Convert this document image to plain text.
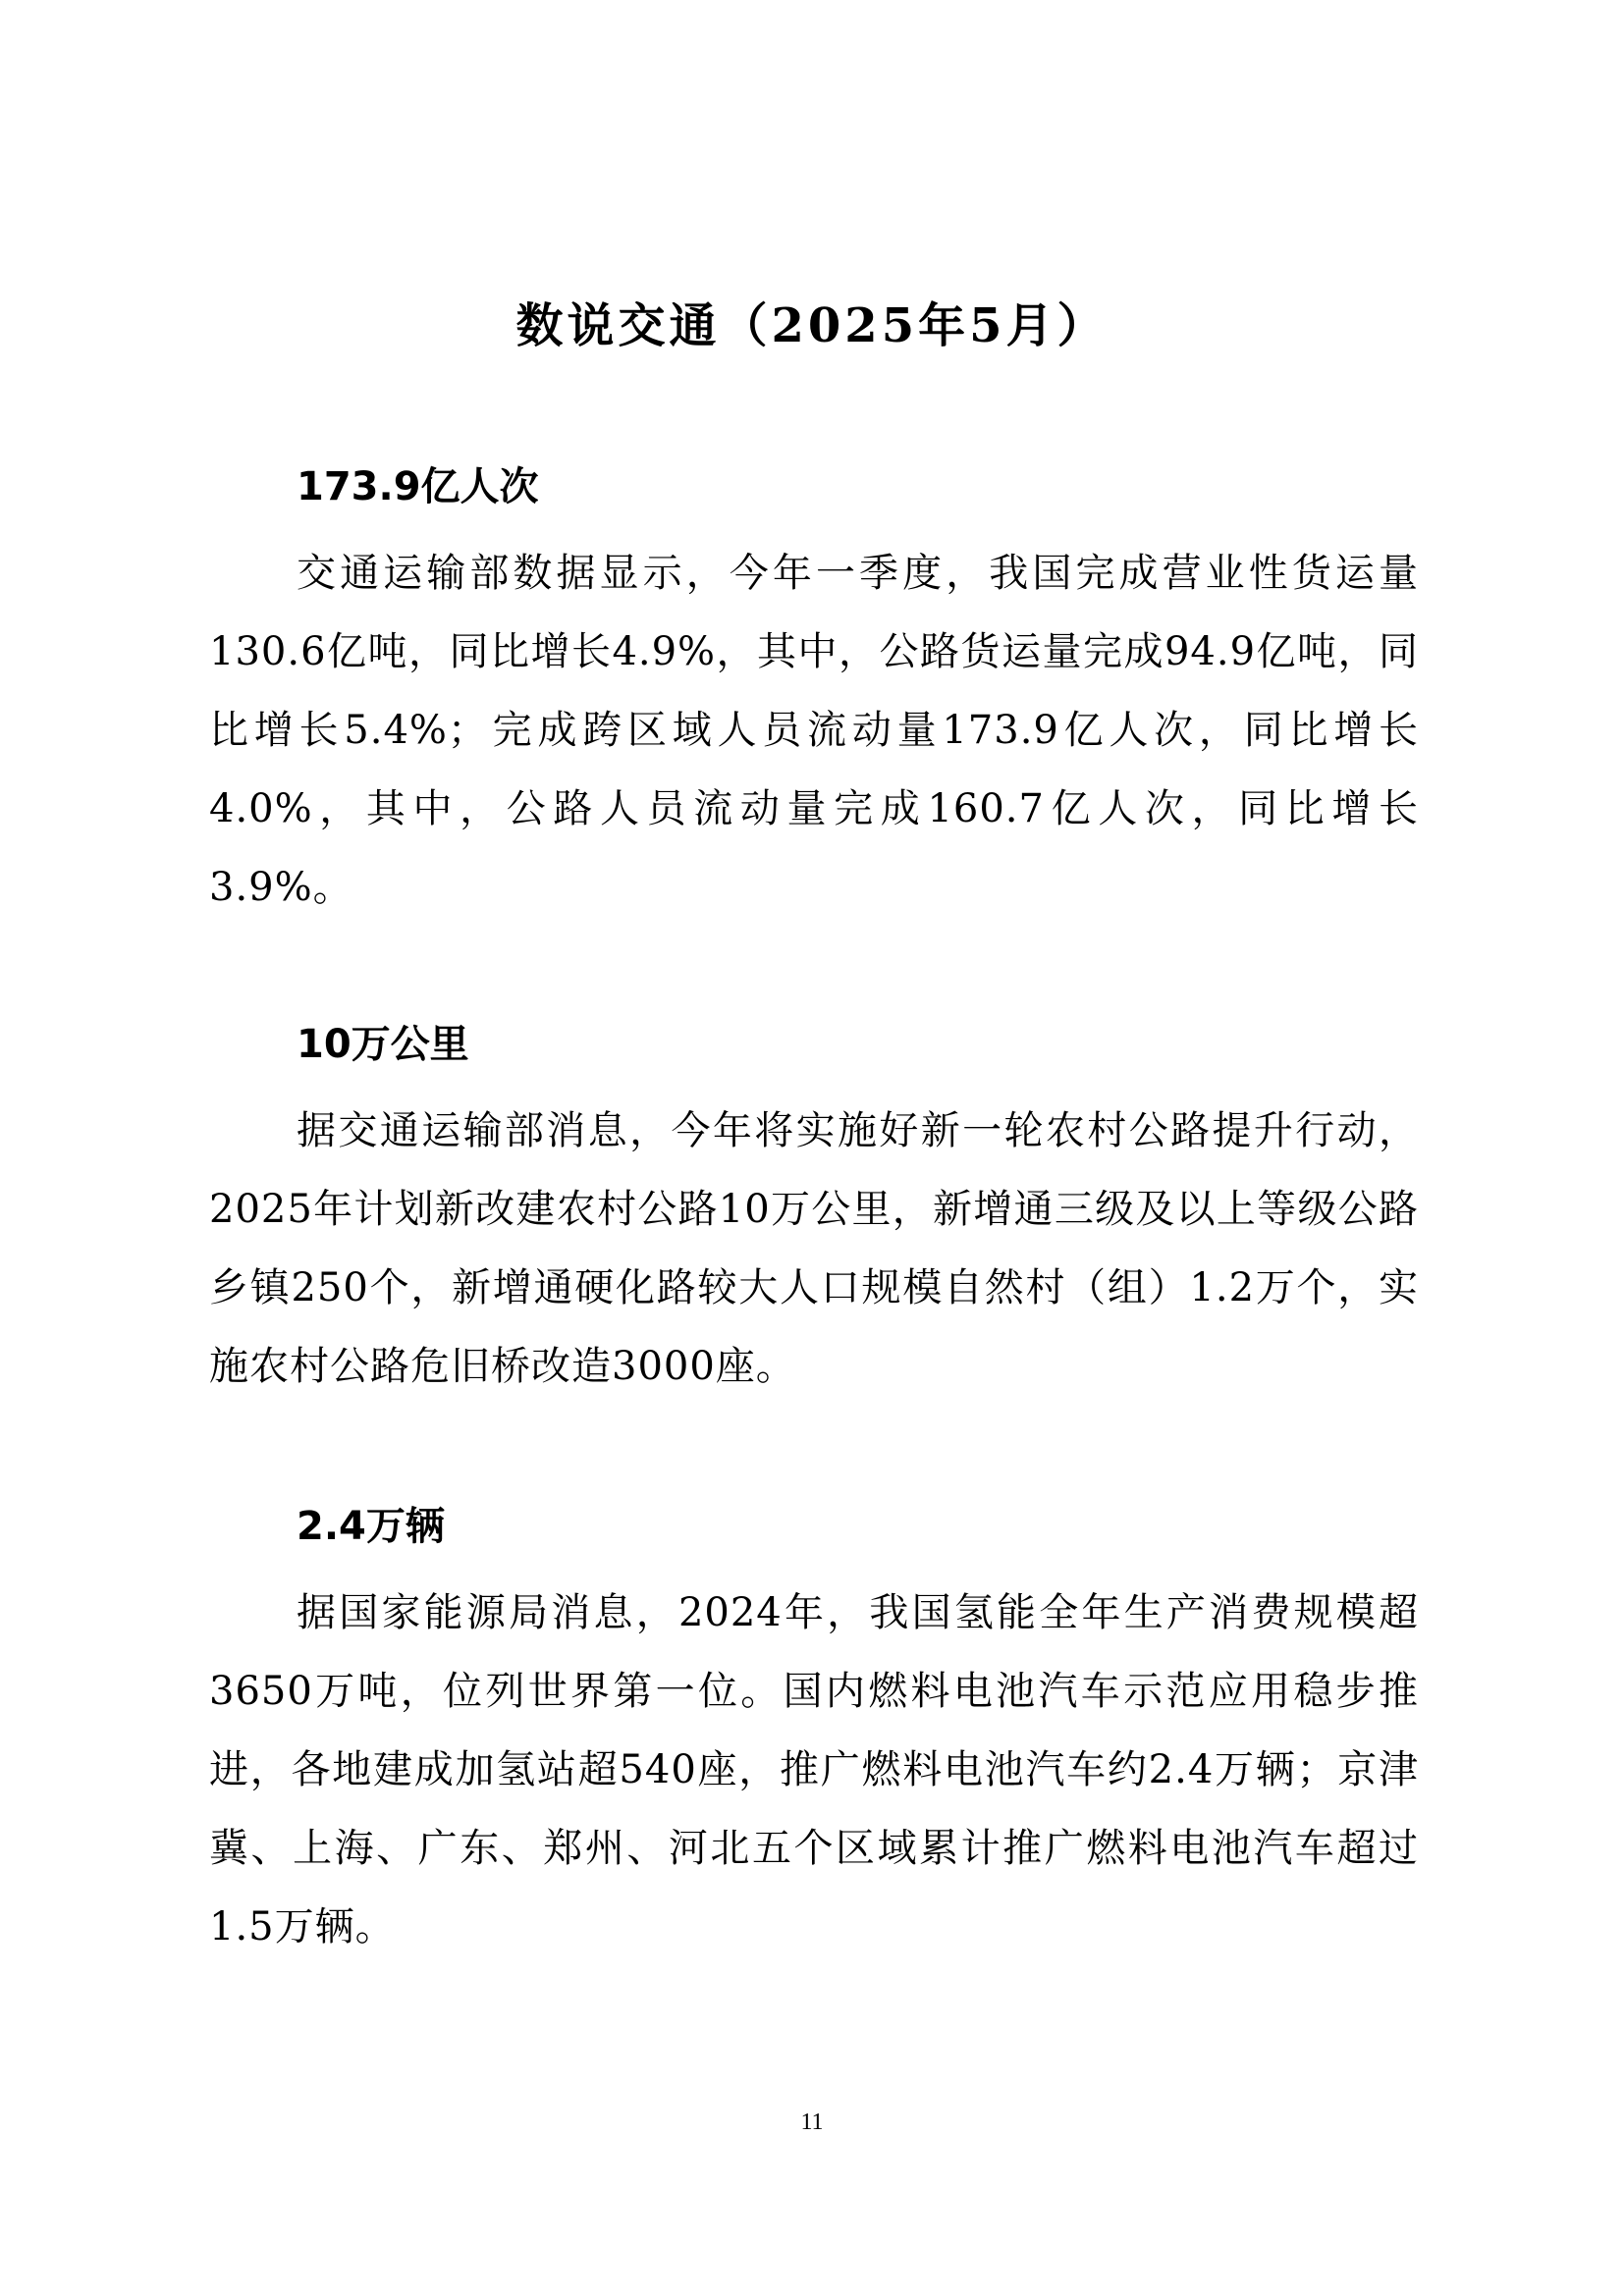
数说交通（2025年5月）
173.9亿人次

交通运输部数据显示，今年一季度，我国完成营业性货运量130.6亿吨，同比增长4.9%，其中，公路货运量完成94.9亿吨，同比增长5.4%；完成跨区域人员流动量173.9亿人次，同比增长4.0%，其中，公路人员流动量完成160.7亿人次，同比增长3.9%。

10万公里

据交通运输部消息，今年将实施好新一轮农村公路提升行动，2025年计划新改建农村公路10万公里，新增通三级及以上等级公路乡镇250个，新增通硬化路较大人口规模自然村（组）1.2万个，实施农村公路危旧桥改造3000座。

2.4万辆

据国家能源局消息，2024年，我国氢能全年生产消费规模超3650万吨，位列世界第一位。国内燃料电池汽车示范应用稳步推进，各地建成加氢站超540座，推广燃料电池汽车约2.4万辆；京津冀、上海、广东、郑州、河北五个区域累计推广燃料电池汽车超过1.5万辆。

11
